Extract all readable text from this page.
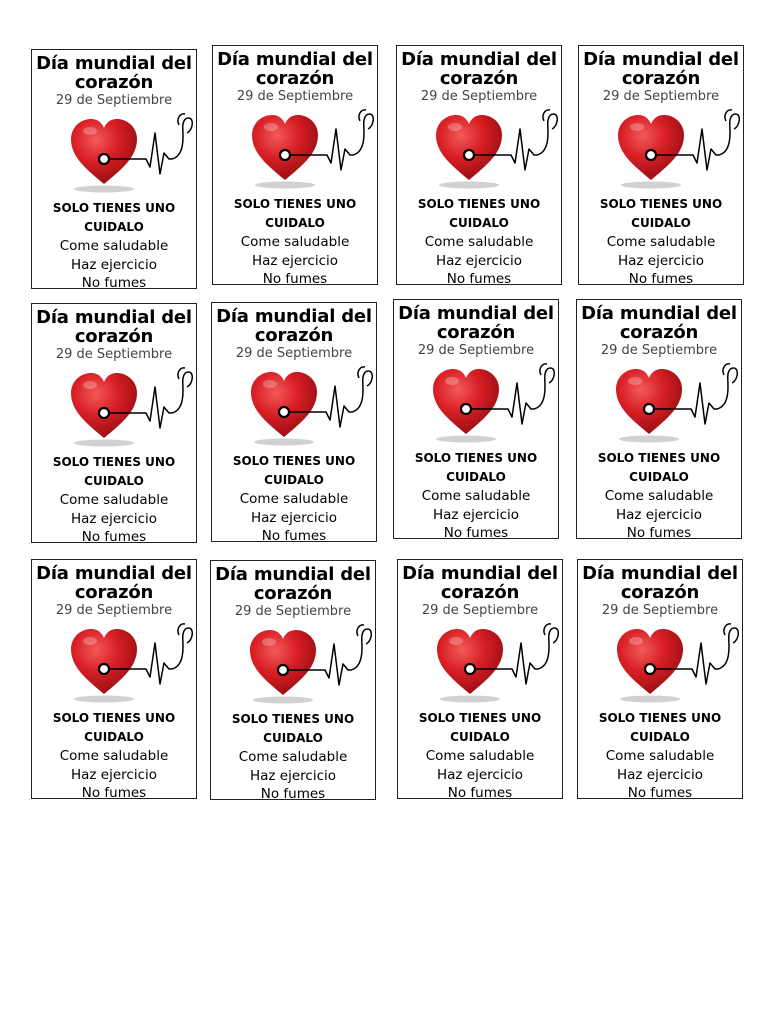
Día mundial del
corazón
29 de Septiembre
SOLO TIENES UNO
CUIDALO
Come saludable
Haz ejercicio
No fumes
Día mundial del
corazón
29 de Septiembre
SOLO TIENES UNO
CUIDALO
Come saludable
Haz ejercicio
No fumes
Día mundial del
corazón
29 de Septiembre
SOLO TIENES UNO
CUIDALO
Come saludable
Haz ejercicio
No fumes
Día mundial del
corazón
29 de Septiembre
SOLO TIENES UNO
CUIDALO
Come saludable
Haz ejercicio
No fumes
Día mundial del
corazón
29 de Septiembre
SOLO TIENES UNO
CUIDALO
Come saludable
Haz ejercicio
No fumes
Día mundial del
corazón
29 de Septiembre
SOLO TIENES UNO
CUIDALO
Come saludable
Haz ejercicio
No fumes
Día mundial del
corazón
29 de Septiembre
SOLO TIENES UNO
CUIDALO
Come saludable
Haz ejercicio
No fumes
Día mundial del
corazón
29 de Septiembre
SOLO TIENES UNO
CUIDALO
Come saludable
Haz ejercicio
No fumes
Día mundial del
corazón
29 de Septiembre
SOLO TIENES UNO
CUIDALO
Come saludable
Haz ejercicio
No fumes
Día mundial del
corazón
29 de Septiembre
SOLO TIENES UNO
CUIDALO
Come saludable
Haz ejercicio
No fumes
Día mundial del
corazón
29 de Septiembre
SOLO TIENES UNO
CUIDALO
Come saludable
Haz ejercicio
No fumes
Día mundial del
corazón
29 de Septiembre
SOLO TIENES UNO
CUIDALO
Come saludable
Haz ejercicio
No fumes
